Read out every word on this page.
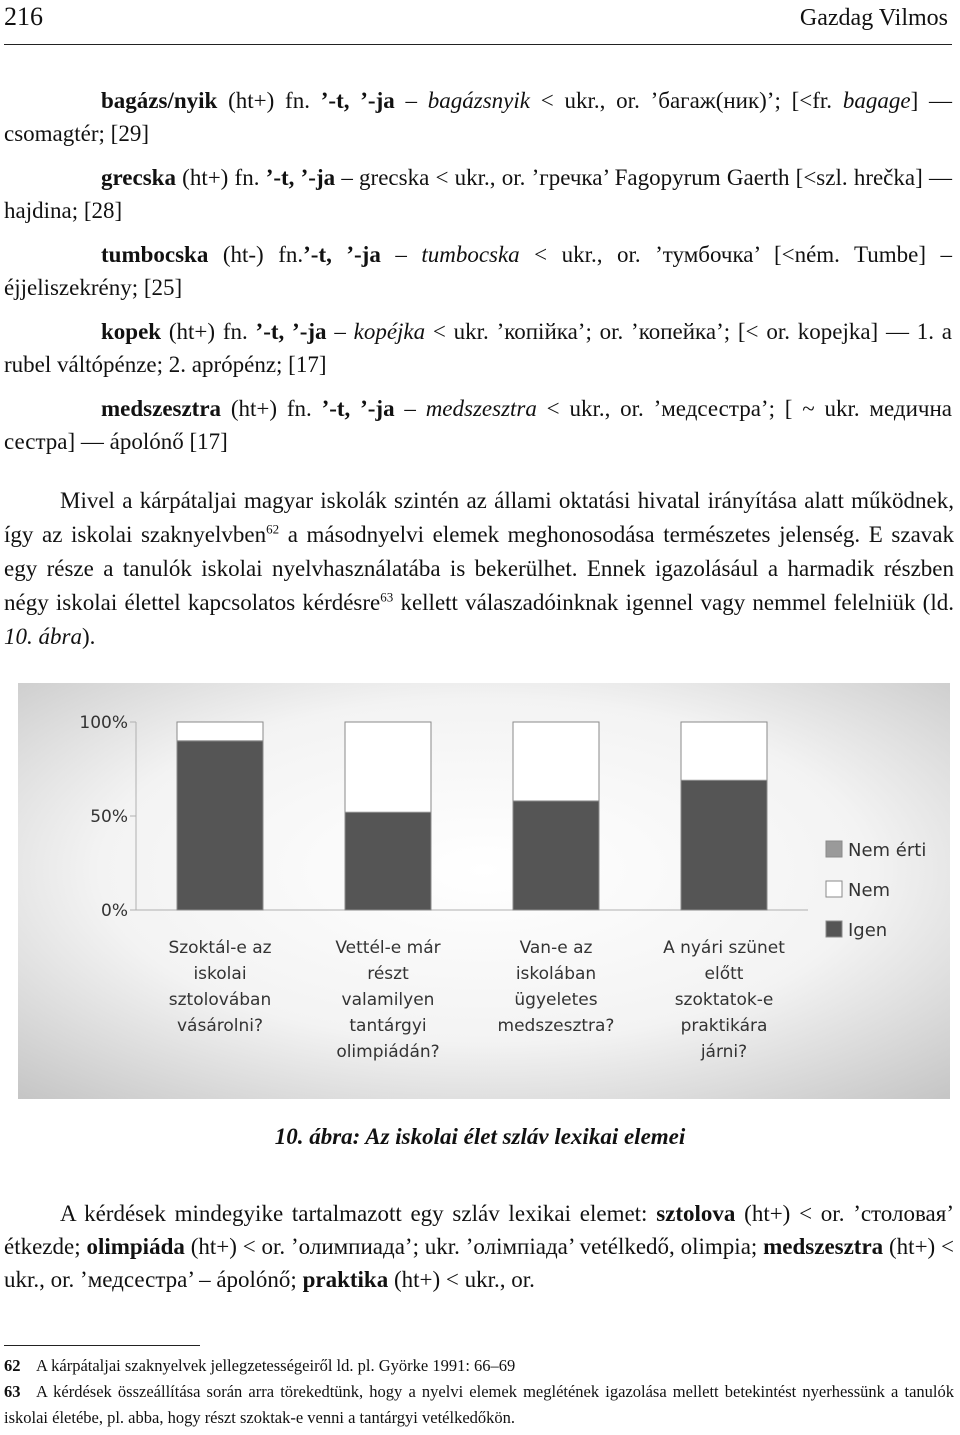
216	Gazdag Vilmos

bagázs/nyik (ht+) fn. ’-t, ’-ja – bagázsnyik < ukr., or. ’багаж(ник)’; [<fr. bagage] — csomagtér; [29]

grecska (ht+) fn. ’-t, ’-ja – grecska < ukr., or. ’гречка’ Fagopyrum Gaerth [<szl. hrečka] — hajdina; [28]

tumbocska (ht-) fn.’-t, ’-ja – tumbocska < ukr., or. ’тумбочка’ [<ném. Tumbe] – éjjeliszekrény; [25]

kopek (ht+) fn. ’-t, ’-ja – kopéjka < ukr. ’копійка’; or. ’копейка’; [< or. kopejka] — 1. a rubel váltópénze; 2. aprópénz; [17]

medszesztra (ht+) fn. ’-t, ’-ja – medszesztra < ukr., or. ’медсестра’; [ ~ ukr. медична сестра] — ápolónő [17]

Mivel a kárpátaljai magyar iskolák szintén az állami oktatási hivatal irányítása alatt működnek, így az iskolai szaknyelvben$^{62}$ a másodnyelvi elemek meghonosodása természetes jelenség. E szavak egy része a tanulók iskolai nyelvhasználatába is bekerülhet. Ennek igazolásául a harmadik részben négy iskolai élettel kapcsolatos kérdésre$^{63}$ kellett válaszadóinknak igennel vagy nemmel felelniük (ld. 10. ábra).

0%
50%
100%
Szoktál-e az
iskolai
sztolovában
vásárolni?
Vettél-e már
részt
valamilyen
tantárgyi
olimpiádán?
Van-e az
iskolában
ügyeletes
medszesztra?
A nyári szünet
előtt
szoktatok-e
praktikára
járni?
Nem érti
Nem
Igen
10. ábra: Az iskolai élet szláv lexikai elemei

A kérdések mindegyike tartalmazott egy szláv lexikai elemet: sztolova (ht+) < or. ’столовая’ étkezde; olimpiáda (ht+) < or. ’олимпиада’; ukr. ’олiмпiада’ vetélkedő, olimpia; medszesztra (ht+) < ukr., or. ’медсестра’ – ápolónő; praktika (ht+) < ukr., or.

62 A kárpátaljai szaknyelvek jellegzetességeiről ld. pl. Györke 1991: 66–69

63 A kérdések összeállítása során arra törekedtünk, hogy a nyelvi elemek meglétének igazolása mellett betekintést nyerhessünk a tanulók iskolai életébe, pl. abba, hogy részt szoktak-e venni a tantárgyi vetélkedőkön.
